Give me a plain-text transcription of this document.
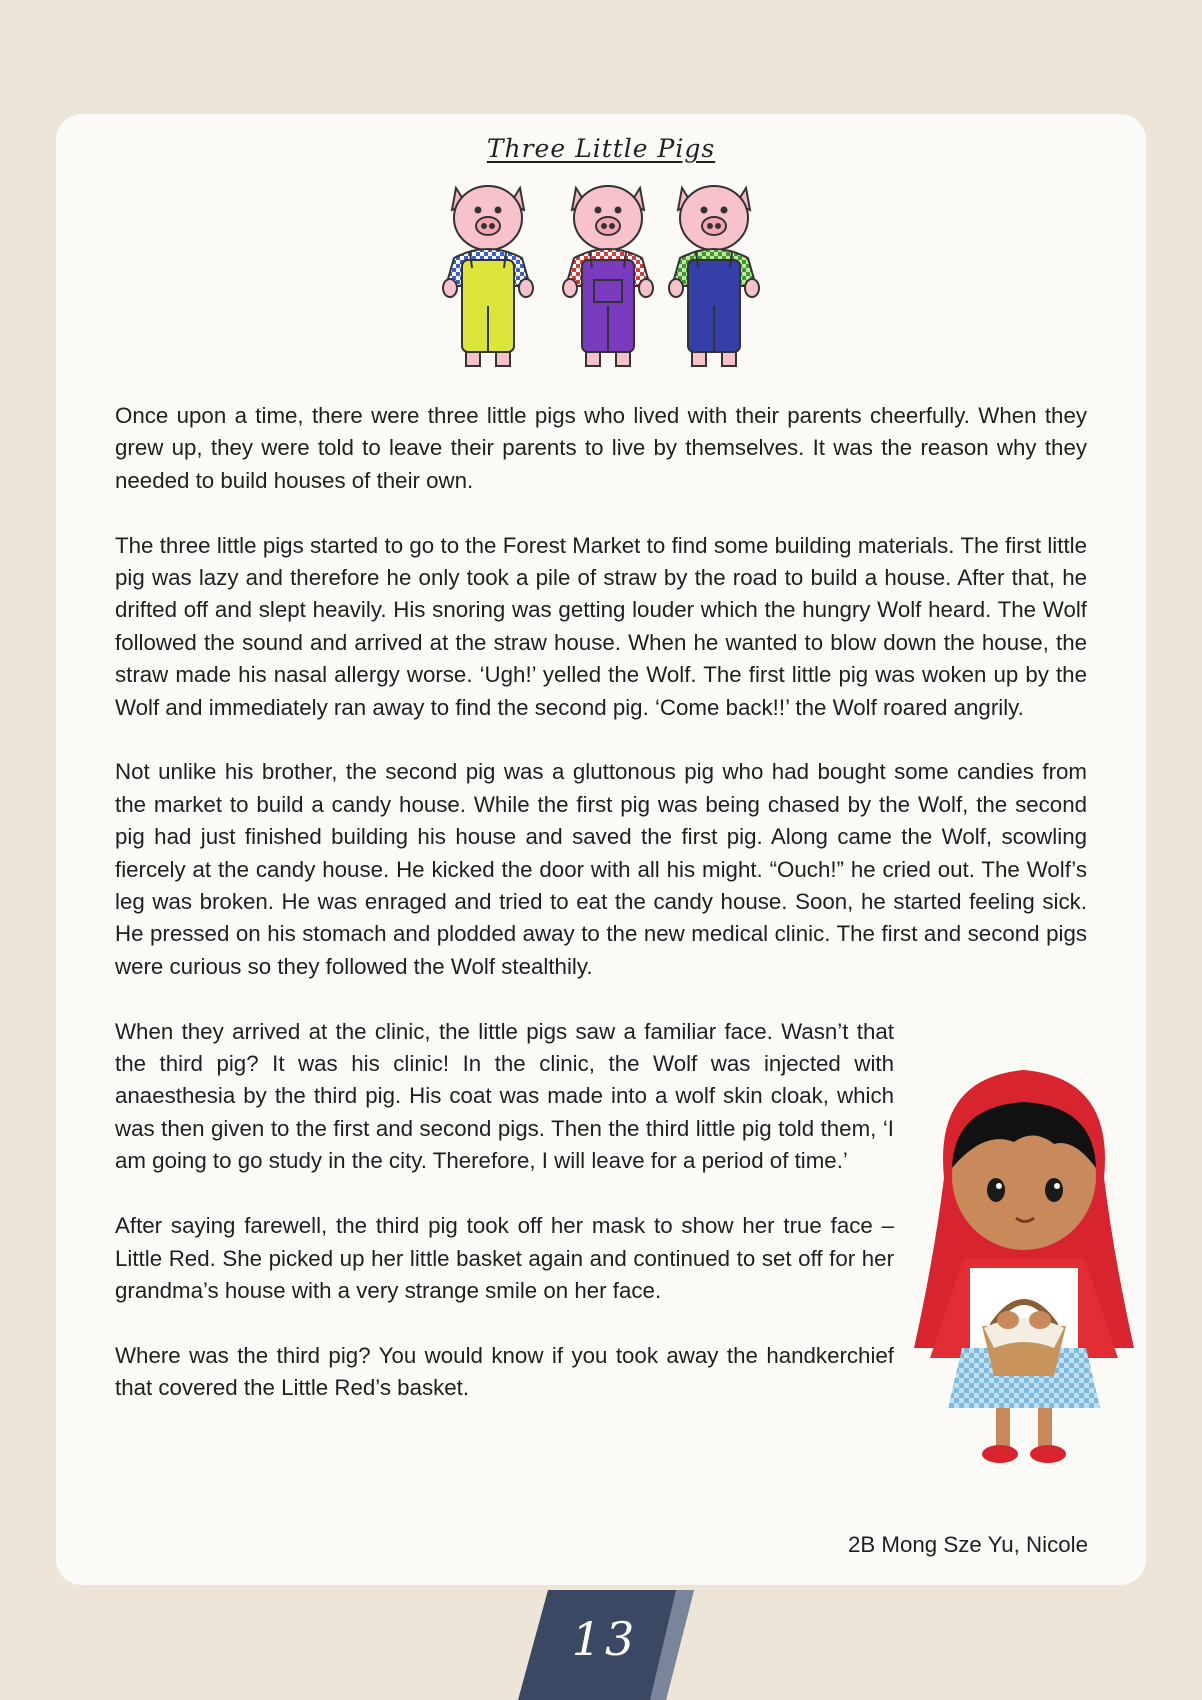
Three Little Pigs

Once upon a time, there were three little pigs who lived with their parents cheerfully. When they grew up, they were told to leave their parents to live by themselves. It was the reason why they needed to build houses of their own.

The three little pigs started to go to the Forest Market to find some building materials. The first little pig was lazy and therefore he only took a pile of straw by the road to build a house. After that, he drifted off and slept heavily. His snoring was getting louder which the hungry Wolf heard. The Wolf followed the sound and arrived at the straw house. When he wanted to blow down the house, the straw made his nasal allergy worse. ‘Ugh!’ yelled the Wolf. The first little pig was woken up by the Wolf and immediately ran away to find the second pig. ‘Come back!!’ the Wolf roared angrily.

Not unlike his brother, the second pig was a gluttonous pig who had bought some candies from the market to build a candy house. While the first pig was being chased by the Wolf, the second pig had just finished building his house and saved the first pig. Along came the Wolf, scowling fiercely at the candy house. He kicked the door with all his might. “Ouch!” he cried out. The Wolf’s leg was broken. He was enraged and tried to eat the candy house. Soon, he started feeling sick. He pressed on his stomach and plodded away to the new medical clinic. The first and second pigs were curious so they followed the Wolf stealthily.

When they arrived at the clinic, the little pigs saw a familiar face. Wasn’t that the third pig? It was his clinic! In the clinic, the Wolf was injected with anaesthesia by the third pig. His coat was made into a wolf skin cloak, which was then given to the first and second pigs. Then the third little pig told them, ‘I am going to go study in the city. Therefore, I will leave for a period of time.’

After saying farewell, the third pig took off her mask to show her true face – Little Red. She picked up her little basket again and continued to set off for her grandma’s house with a very strange smile on her face.

Where was the third pig? You would know if you took away the handkerchief that covered the Little Red’s basket.

2B Mong Sze Yu, Nicole
13
